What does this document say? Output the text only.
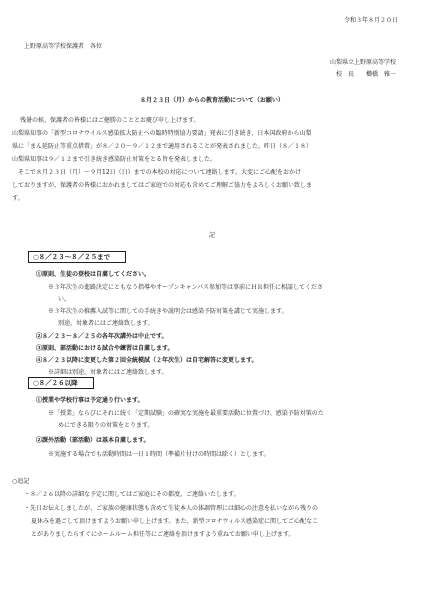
令和３年８月２０日
上野原高等学校保護者　各位
山梨県立上野原高等学校
校　長　　櫛橋　雅一
８月２３日（月）からの教育活動について（お願い）
残暑の候、保護者の皆様にはご健勝のこととお慶び申し上げます。
山梨県知事の「新型コロナウイルス感染拡大防止への臨時特別協力要請」発表に引き続き、日本国政府から山梨
県に「まん延防止等重点措置」が８／２０～９／１２まで適用されることが発表されました。昨日（８／１８）
山梨県知事は９／１２まで引き続き感染防止対策をとる旨を発表しました。
そこで８月２３日（月）～９月12日（日）までの本校の対応について連絡します。大変にご心配をおかけ
しておりますが、保護者の皆様におかれましてはご家庭での対応も含めてご理解ご協力をよろしくお願い致しま
す。
記
○８／２３～８／２５まで
①原則、生徒の登校は自粛してください。
※３年次生の進路決定にともなう指導やオープンキャンパス参加等は事前にＨＲ担任に相談してくださ
い。
※３年次生の推薦入試等に関しての手続きや説明会は感染予防対策を講じて実施します。
別途、対象者にはご連絡致します。
②８／２３～８／２５の各年次講外は中止です。
③原則、部活動における試合や練習は自粛します。
④８／２３以降に変更した第２回全統模試（２年次生）は自宅解答に変更します。
※詳細は別途、対象者にはご連絡致します。
○８／２６以降
①授業や学校行事は予定通り行います。
※「授業」ならびにそれに続く「定期試験」の確実な実施を最重要活動に位置づけ、感染予防対策のた
めにできる限りの対策をとります。
②課外活動（部活動）は基本自粛します。
※実施する場合でも活動時間は一日１時間（準備片付けの時間は除く）とします。
○追記
・８／２６以降の詳細な予定に関してはご家庭にその都度、ご連絡いたします。
・先日お伝えしましたが、ご家族の健康状態も含めて生徒本人の体調管理には細心の注意を払いながら残りの
夏休みを過ごして頂けますようお願い申し上げます。また、新型コロナウィルス感染症に関してご心配なこ
とがありましたらすぐにホームルーム担任等にご連絡を頂けますよう重ねてお願い申し上げます。
